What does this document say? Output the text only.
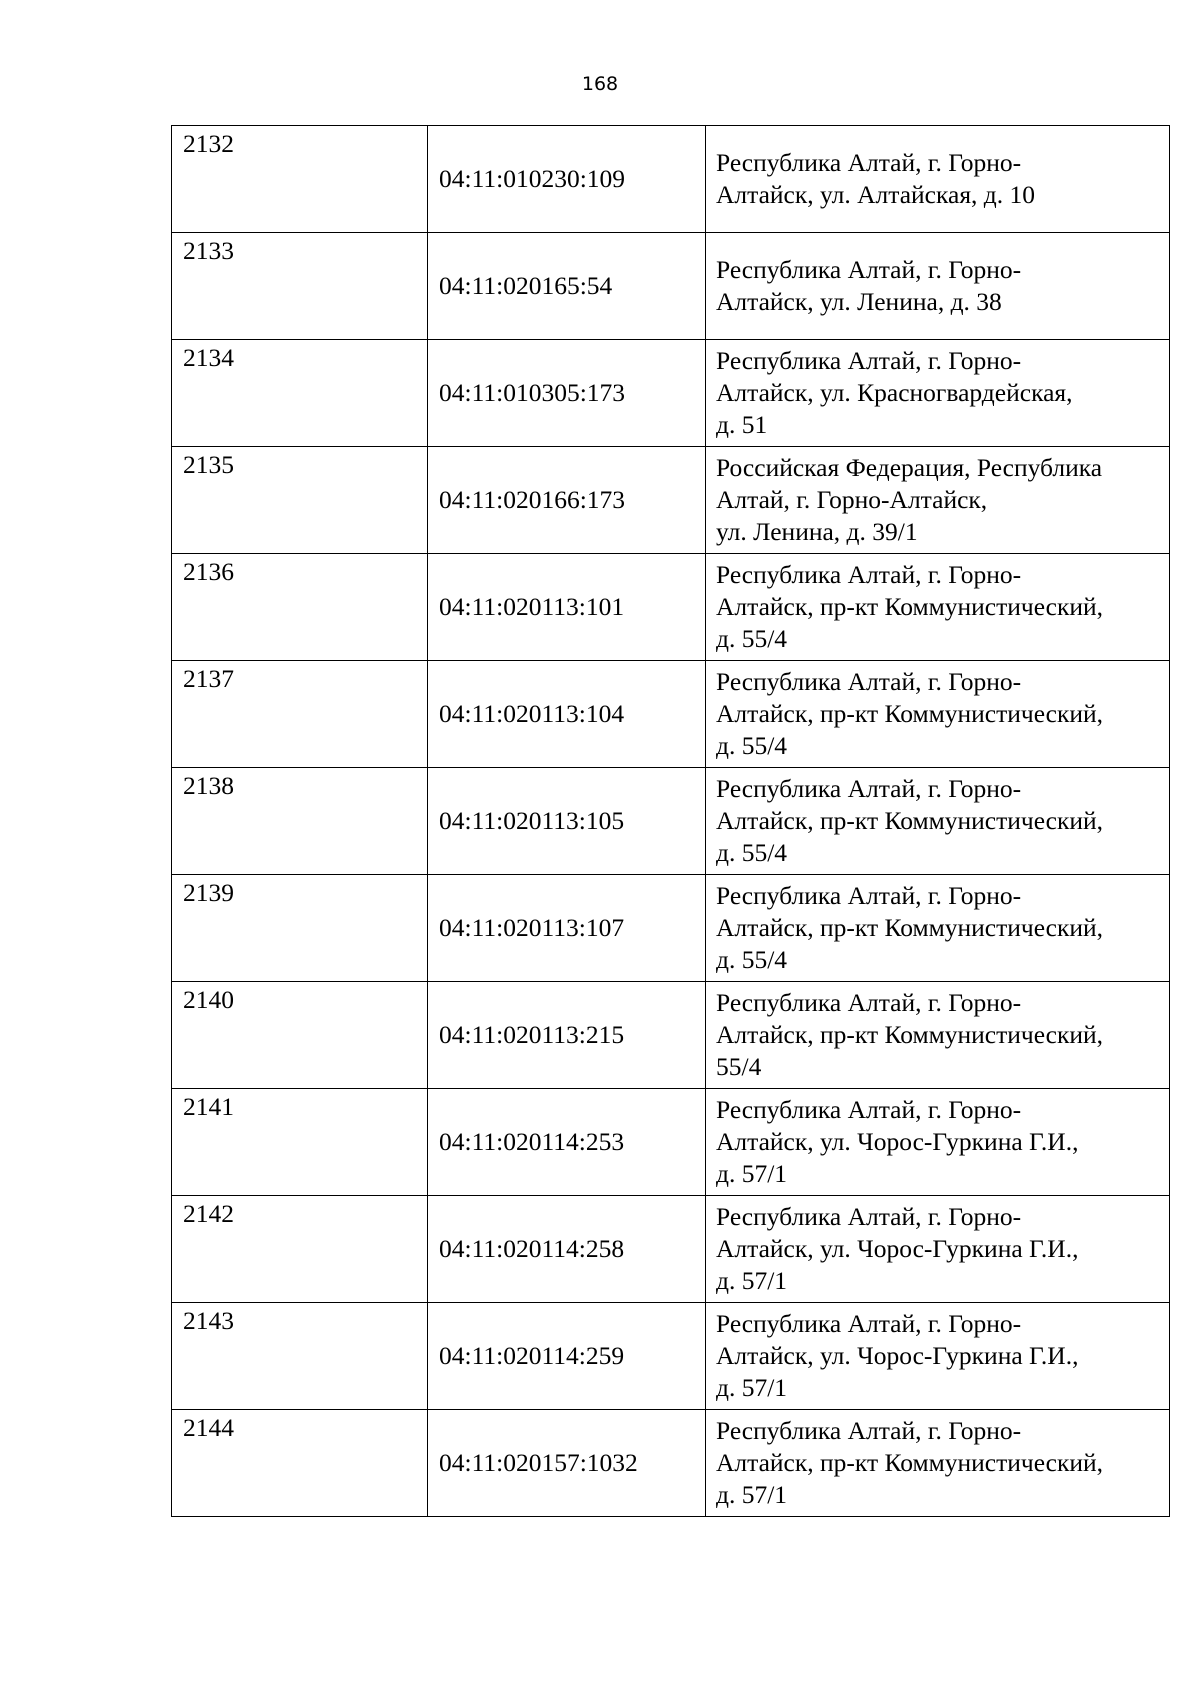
168
2132	04:11:010230:109	Республика Алтай, г. Горно-
Алтайск, ул. Алтайская, д. 10

2133	04:11:020165:54	Республика Алтай, г. Горно-
Алтайск, ул. Ленина, д. 38

2134	04:11:010305:173	Республика Алтай, г. Горно-
Алтайск, ул. Красногвардейская,
д. 51

2135	04:11:020166:173	Российская Федерация, Республика
Алтай, г. Горно-Алтайск,
ул. Ленина, д. 39/1

2136	04:11:020113:101	Республика Алтай, г. Горно-
Алтайск, пр-кт Коммунистический,
д. 55/4

2137	04:11:020113:104	Республика Алтай, г. Горно-
Алтайск, пр-кт Коммунистический,
д. 55/4

2138	04:11:020113:105	Республика Алтай, г. Горно-
Алтайск, пр-кт Коммунистический,
д. 55/4

2139	04:11:020113:107	Республика Алтай, г. Горно-
Алтайск, пр-кт Коммунистический,
д. 55/4

2140	04:11:020113:215	Республика Алтай, г. Горно-
Алтайск, пр-кт Коммунистический,
55/4

2141	04:11:020114:253	Республика Алтай, г. Горно-
Алтайск, ул. Чорос-Гуркина Г.И.,
д. 57/1

2142	04:11:020114:258	Республика Алтай, г. Горно-
Алтайск, ул. Чорос-Гуркина Г.И.,
д. 57/1

2143	04:11:020114:259	Республика Алтай, г. Горно-
Алтайск, ул. Чорос-Гуркина Г.И.,
д. 57/1

2144	04:11:020157:1032	Республика Алтай, г. Горно-
Алтайск, пр-кт Коммунистический,
д. 57/1
